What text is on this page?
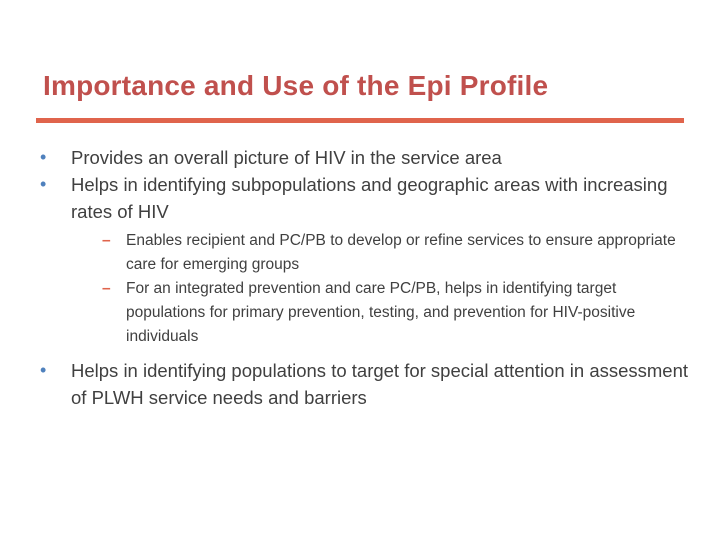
Importance and Use of the Epi Profile
• Provides an overall picture of HIV in the service area
• Helps in identifying subpopulations and geographic areas with increasing rates of HIV
– Enables recipient and PC/PB to develop or refine services to ensure appropriate care for emerging groups
– For an integrated prevention and care PC/PB, helps in identifying target populations for primary prevention, testing, and prevention for HIV-positive individuals
• Helps in identifying populations to target for special attention in assessment of PLWH service needs and barriers
